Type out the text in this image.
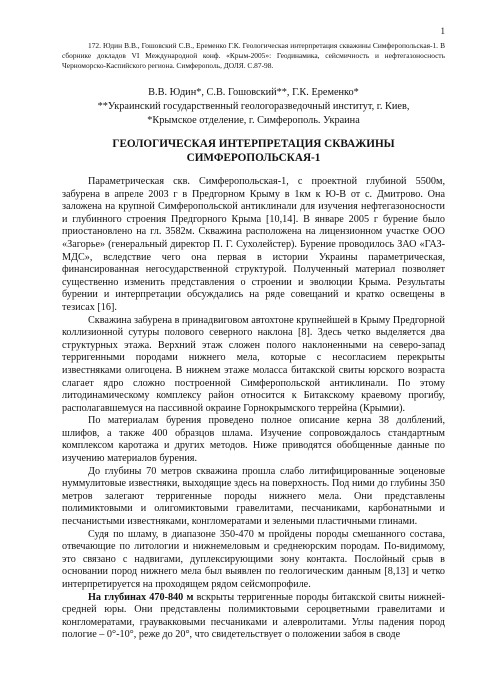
1
172. Юдин В.В., Гошовский С.В., Еременко Г.К. Геологическая интерпретация скважины Симферопольская-1. В сборнике докладов VI Международной конф. «Крым-2005»: Геодинамика, сейсмичность и нефтегазоносность Черноморско-Каспийского региона. Симферополь, ДОЛЯ. С.87-98.
В.В. Юдин*, С.В. Гошовский**, Г.К. Еременко*
**Украинский государственный геологоразведочный институт, г. Киев,
*Крымское отделение, г. Симферополь. Украина
ГЕОЛОГИЧЕСКАЯ ИНТЕРПРЕТАЦИЯ СКВАЖИНЫ
СИМФЕРОПОЛЬСКАЯ-1

Параметрическая скв. Симферопольская-1, с проектной глубиной 5500м, забурена в апреле 2003 г в Предгорном Крыму в 1км к Ю-В от с. Дмитрово. Она заложена на крупной Симферопольской антиклинали для изучения нефтегазоносности и глубинного строения Предгорного Крыма [10,14]. В январе 2005 г бурение было приостановлено на гл. 3582м. Скважина расположена на лицензионном участке ООО «Загорье» (генеральный директор П. Г. Сухолейстер). Бурение проводилось ЗАО «ГАЗ-МДС», вследствие чего она первая в истории Украины параметрическая, финансированная негосударственной структурой. Полученный материал позволяет существенно изменить представления о строении и эволюции Крыма. Результаты бурении и интерпретации обсуждались на ряде совещаний и кратко освещены в тезисах [16].

Скважина забурена в принадвиговом автохтоне крупнейшей в Крыму Предгорной коллизионной сутуры полового северного наклона [8]. Здесь четко выделяется два структурных этажа. Верхний этаж сложен полого наклоненными на северо-запад терригенными породами нижнего мела, которые с несогласием перекрыты известняками олигоцена. В нижнем этаже моласса битакской свиты юрского возраста слагает ядро сложно построенной Симферопольской антиклинали. По этому литодинамическому комплексу район относится к Битакскому краевому прогибу, располагавшемуся на пассивной окраине Горнокрымского террейна (Крымии).

По материалам бурения проведено полное описание керна 38 долблений, шлифов, а также 400 образцов шлама. Изучение сопровождалось стандартным комплексом каротажа и других методов. Ниже приводятся обобщенные данные по изучению материалов бурения.

До глубины 70 метров скважина прошла слабо литифицированные эоценовые нуммулитовые известняки, выходящие здесь на поверхность. Под ними до глубины 350 метров залегают терригенные породы нижнего мела. Они представлены полимиктовыми и олигомиктовыми гравелитами, песчаниками, карбонатными и песчанистыми известняками, конгломератами и зелеными пластичными глинами.

Судя по шламу, в диапазоне 350-470 м пройдены породы смешанного состава, отвечающие по литологии и нижнемеловым и среднеюрским породам. По-видимому, это связано с надвигами, дуплексирующими зону контакта. Послойный срыв в основании пород нижнего мела был выявлен по геологическим данным [8,13] и четко интерпретируется на проходящем рядом сейсмопрофиле.

На глубинах 470-840 м вскрыты терригенные породы битакской свиты нижней-средней юры. Они представлены полимиктовыми сероцветными гравелитами и конгломератами, граувакковыми песчаниками и алевролитами. Углы падения пород пологие – 0°-10°, реже до 20°, что свидетельствует о положении забоя в своде
